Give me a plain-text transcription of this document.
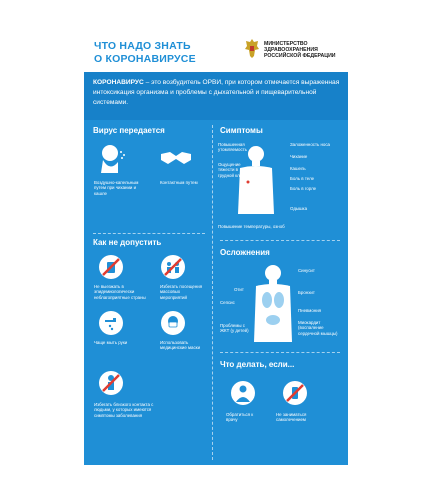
ЧТО НАДО ЗНАТЬ
О КОРОНАВИРУСЕ
МИНИСТЕРСТВО
ЗДРАВООХРАНЕНИЯ
РОССИЙСКОЙ ФЕДЕРАЦИИ
КОРОНАВИРУС – это возбудитель ОРВИ, при котором отмечается выраженная интоксикация организма и проблемы с дыхательной и пищеварительной системами.
Вирус передается
Воздушно-капельным путем при чихании и кашле
Контактным путем
Как не допустить
Не выезжать в эпидемиологически неблагоприятные страны
Избегать посещения массовых мероприятий
Чаще мыть руки	Использовать медицинские маски
Избегать близкого контакта с людьми, у которых имеются симптомы заболевания
Симптомы
Повышенная утомляемость
Ощущение тяжести в грудной клетке
Заложенность носа
Чихание
Кашель
Боль в теле
Боль в горле
Одышка
Повышение температуры, озноб
Осложнения
Синусит
Отит
Бронхит
Сепсис
Пневмония
Проблемы с ЖКТ (у детей)
Миокардит (воспаление сердечной мышцы)
Что делать, если...
Обратиться к врачу
Не заниматься самолечением
